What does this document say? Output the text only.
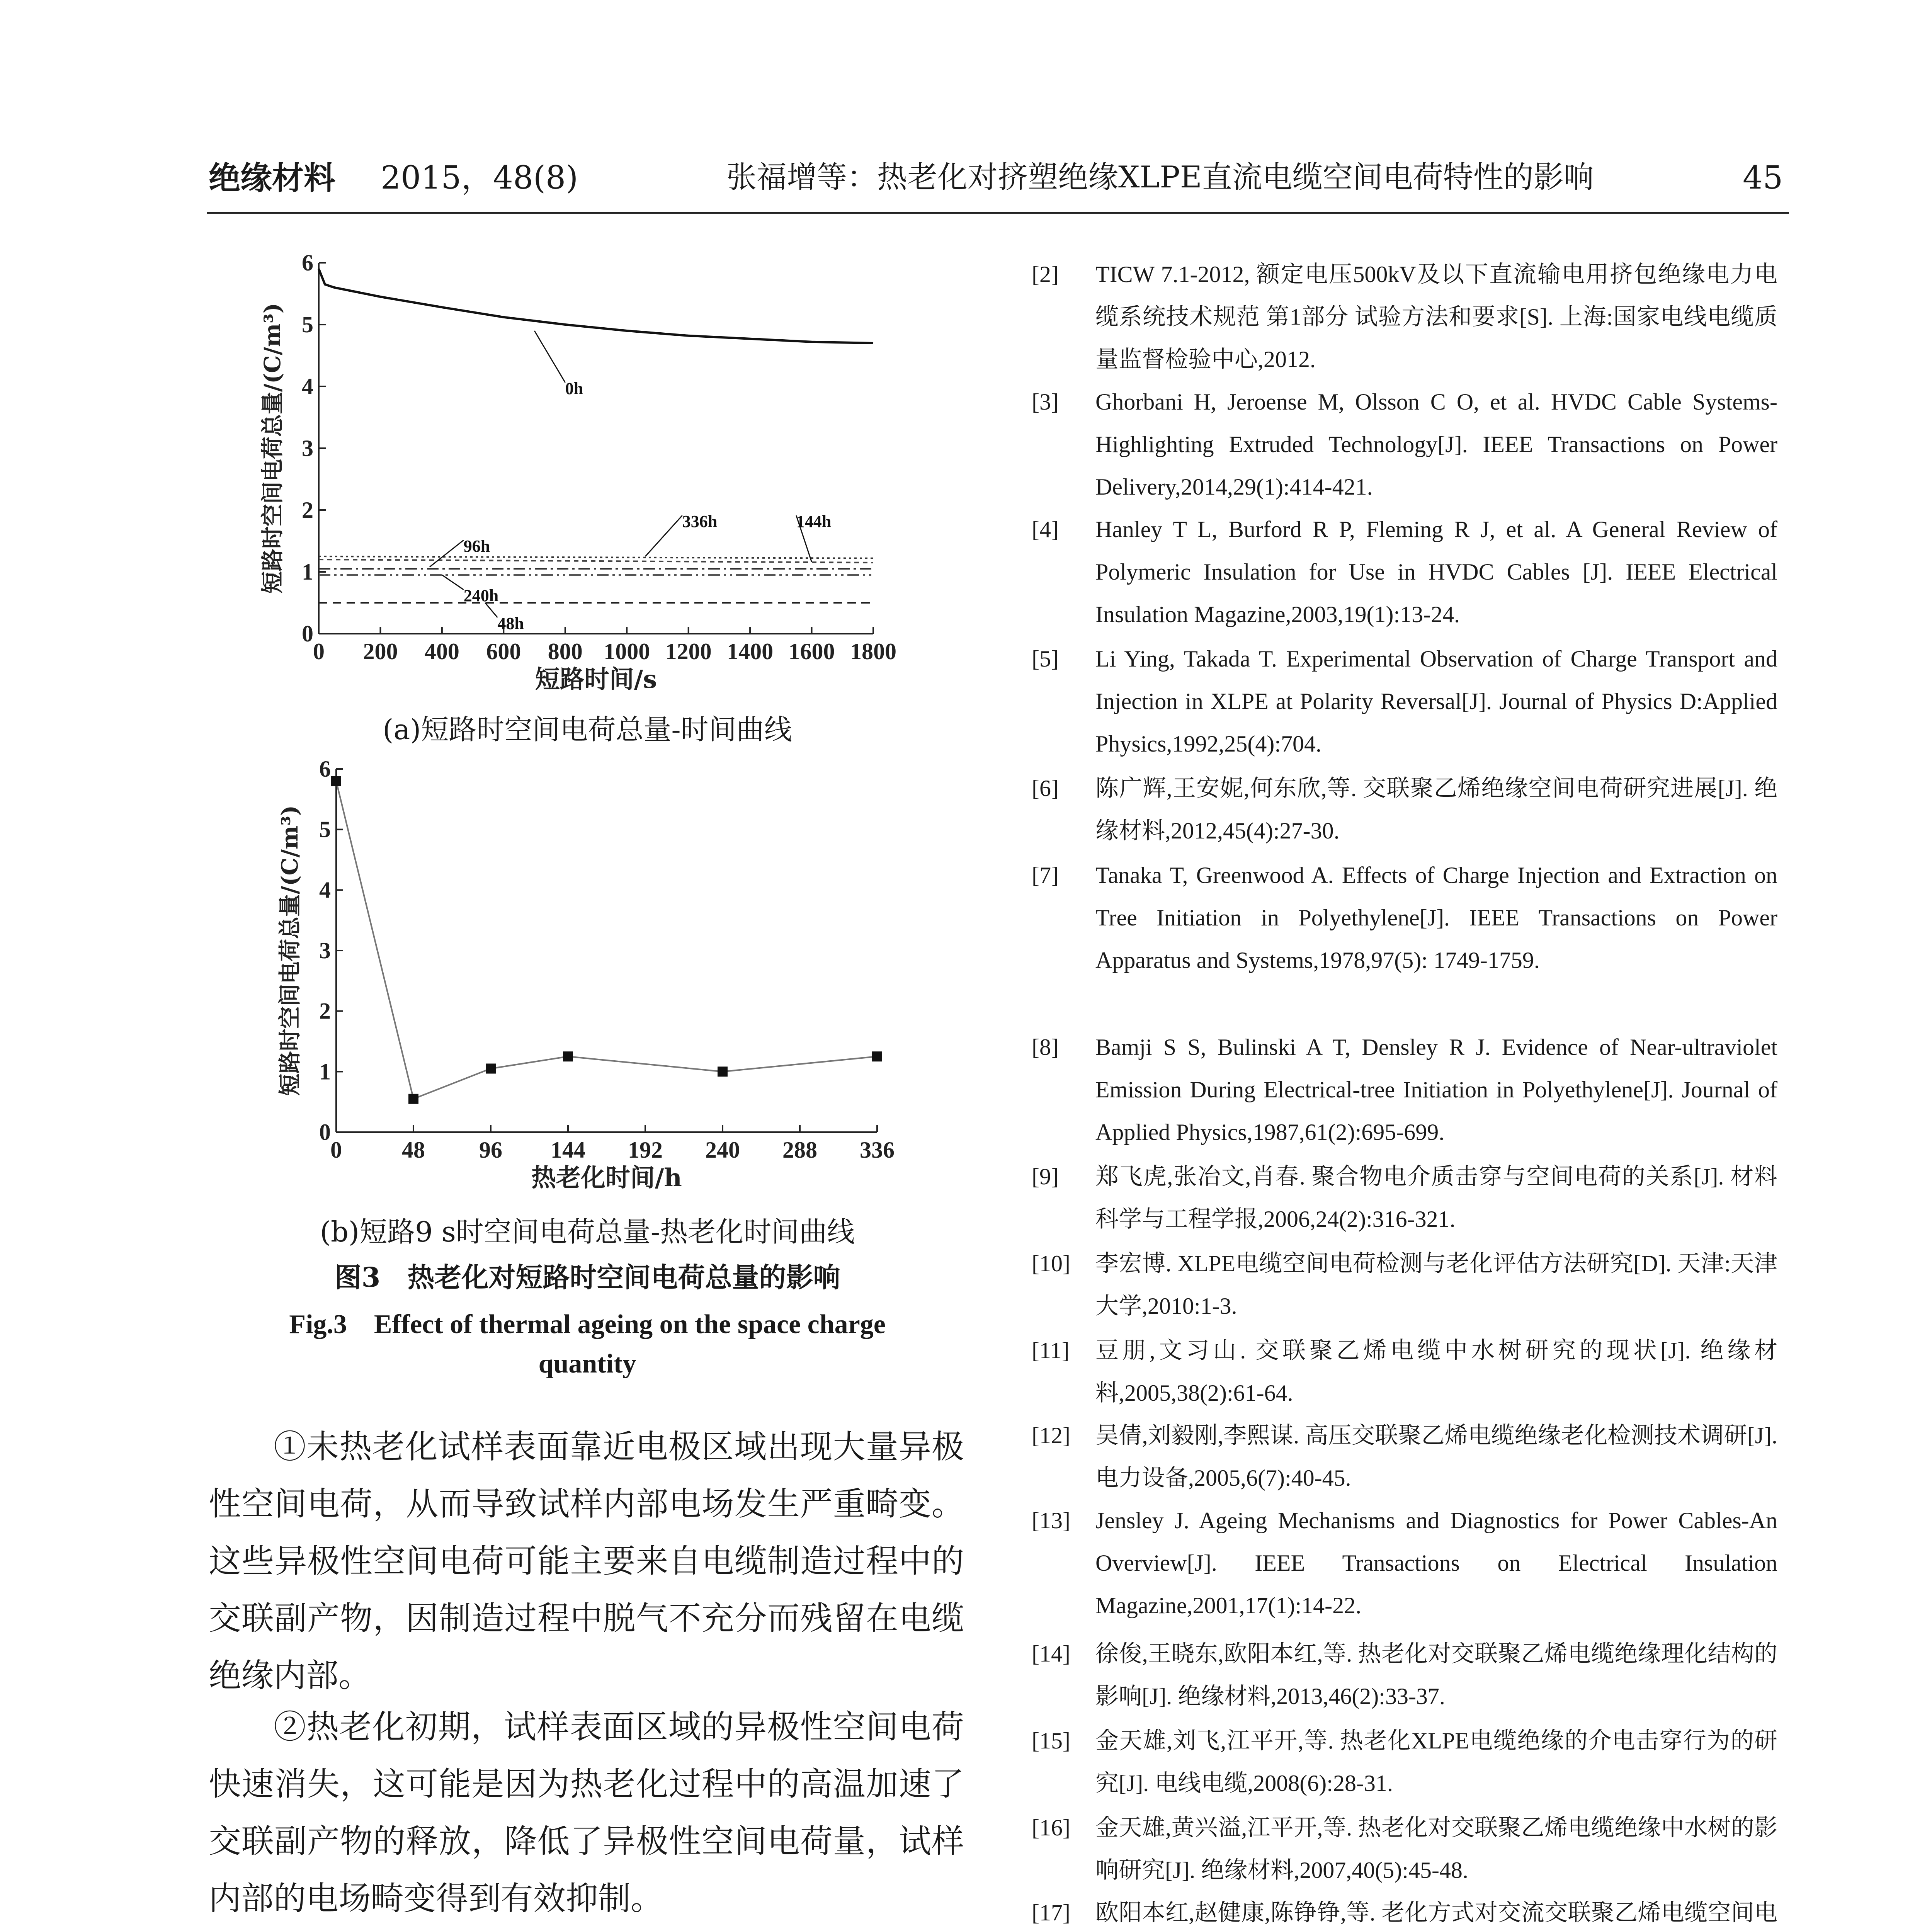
绝缘材料 2015，48(8)	张福增等：热老化对挤塑绝缘XLPE直流电缆空间电荷特性的影响	45
0
1
2
3
4
5
6
0 200 400 600 800 1000 1200 1400 1600 1800
短路时间/s
短路时空间电荷总量/(C/m³)	0h
96h
240h
48h
336h	144h
(a)短路时空间电荷总量-时间曲线
0
1
2
3
4
5
6
0	48 96 144 192 240 288 336
热老化时间/h
短路时空间电荷总量/(C/m³)
(b)短路9 s时空间电荷总量-热老化时间曲线
图3　热老化对短路时空间电荷总量的影响
Fig.3　Effect of thermal ageing on the space charge
quantity

①未热老化试样表面靠近电极区域出现大量异极性空间电荷，从而导致试样内部电场发生严重畸变。这些异极性空间电荷可能主要来自电缆制造过程中的交联副产物，因制造过程中脱气不充分而残留在电缆绝缘内部。

②热老化初期，试样表面区域的异极性空间电荷快速消失，这可能是因为热老化过程中的高温加速了交联副产物的释放，降低了异极性空间电荷量，试样内部的电场畸变得到有效抑制。

[2]	TICW 7.1-2012, 额定电压500kV及以下直流输电用挤包绝缘电力电缆系统技术规范 第1部分 试验方法和要求[S]. 上海:国家电线电缆质量监督检验中心,2012.
[3]	Ghorbani H, Jeroense M, Olsson C O, et al. HVDC Cable Systems-Highlighting Extruded Technology[J]. IEEE Transactions on Power Delivery,2014,29(1):414-421.
[4]	Hanley T L, Burford R P, Fleming R J, et al. A General Review of Polymeric Insulation for Use in HVDC Cables [J]. IEEE Electrical Insulation Magazine,2003,19(1):13-24.
[5]	Li Ying, Takada T. Experimental Observation of Charge Transport and Injection in XLPE at Polarity Reversal[J]. Journal of Physics D:Applied Physics,1992,25(4):704.
[6]	陈广辉,王安妮,何东欣,等. 交联聚乙烯绝缘空间电荷研究进展[J]. 绝缘材料,2012,45(4):27-30.
[7]	Tanaka T, Greenwood A. Effects of Charge Injection and Extraction on Tree Initiation in Polyethylene[J]. IEEE Transactions on Power Apparatus and Systems,1978,97(5): 1749-1759.
[8]	Bamji S S, Bulinski A T, Densley R J. Evidence of Near-ultraviolet Emission During Electrical-tree Initiation in Polyethylene[J]. Journal of Applied Physics,1987,61(2):695-699.
[9]	郑飞虎,张冶文,肖春. 聚合物电介质击穿与空间电荷的关系[J]. 材料科学与工程学报,2006,24(2):316-321.
[10]	李宏博. XLPE电缆空间电荷检测与老化评估方法研究[D]. 天津:天津大学,2010:1-3.
[11]	豆朋,文习山. 交联聚乙烯电缆中水树研究的现状[J]. 绝缘材料,2005,38(2):61-64.
[12]	吴倩,刘毅刚,李熙谋. 高压交联聚乙烯电缆绝缘老化检测技术调研[J]. 电力设备,2005,6(7):40-45.
[13]	Jensley J. Ageing Mechanisms and Diagnostics for Power Cables-An Overview[J]. IEEE Transactions on Electrical Insulation Magazine,2001,17(1):14-22.
[14]	徐俊,王晓东,欧阳本红,等. 热老化对交联聚乙烯电缆绝缘理化结构的影响[J]. 绝缘材料,2013,46(2):33-37.
[15]	金天雄,刘飞,江平开,等. 热老化XLPE电缆绝缘的介电击穿行为的研究[J]. 电线电缆,2008(6):28-31.
[16]	金天雄,黄兴溢,江平开,等. 热老化对交联聚乙烯电缆绝缘中水树的影响研究[J]. 绝缘材料,2007,40(5):45-48.
[17]	欧阳本红,赵健康,陈铮铮,等. 老化方式对交流交联聚乙烯电缆空间电
